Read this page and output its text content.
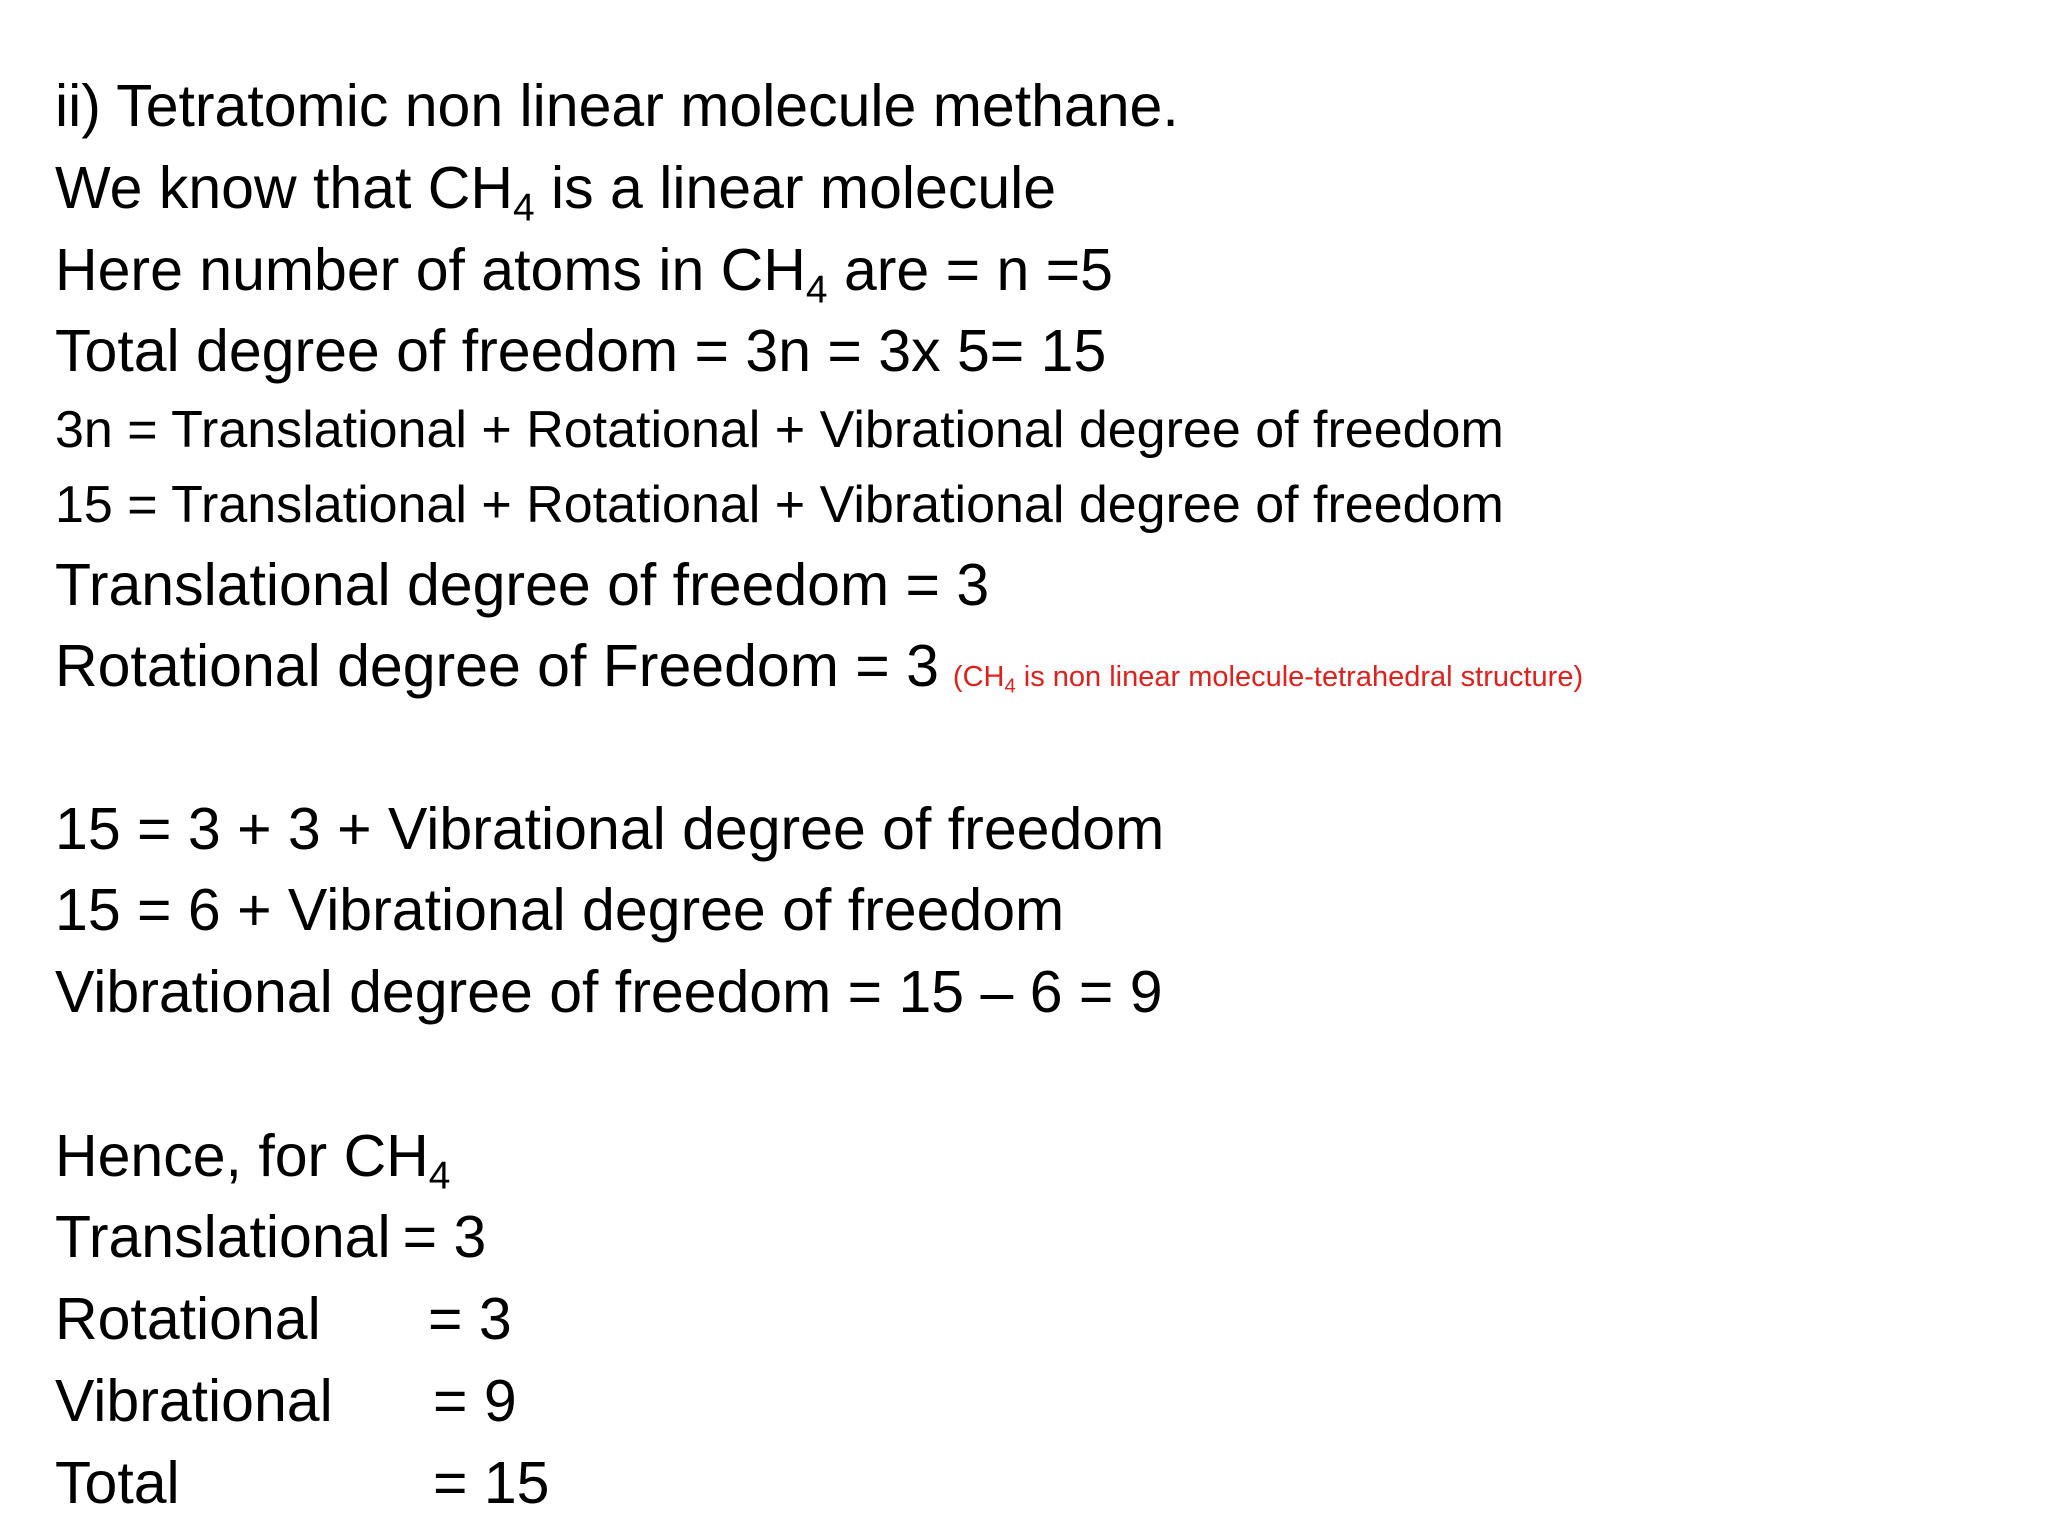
ii) Tetratomic non linear molecule methane.
We know that $CH_4$ is a linear molecule
Here number of atoms in $CH_4$ are = n =5
Total degree of freedom = 3n = 3x 5= 15
3n = Translational + Rotational + Vibrational degree of freedom
15 = Translational + Rotational + Vibrational degree of freedom
Translational degree of freedom = 3
Rotational degree of Freedom = 3 ($CH_4$ is non linear molecule-tetrahedral structure)
15 = 3 + 3 + Vibrational degree of freedom
15 = 6 + Vibrational degree of freedom
Vibrational degree of freedom = 15 – 6 = 9
Hence, for $CH_4$
Translational = 3
Rotational = 3
Vibrational = 9
Total	= 15
